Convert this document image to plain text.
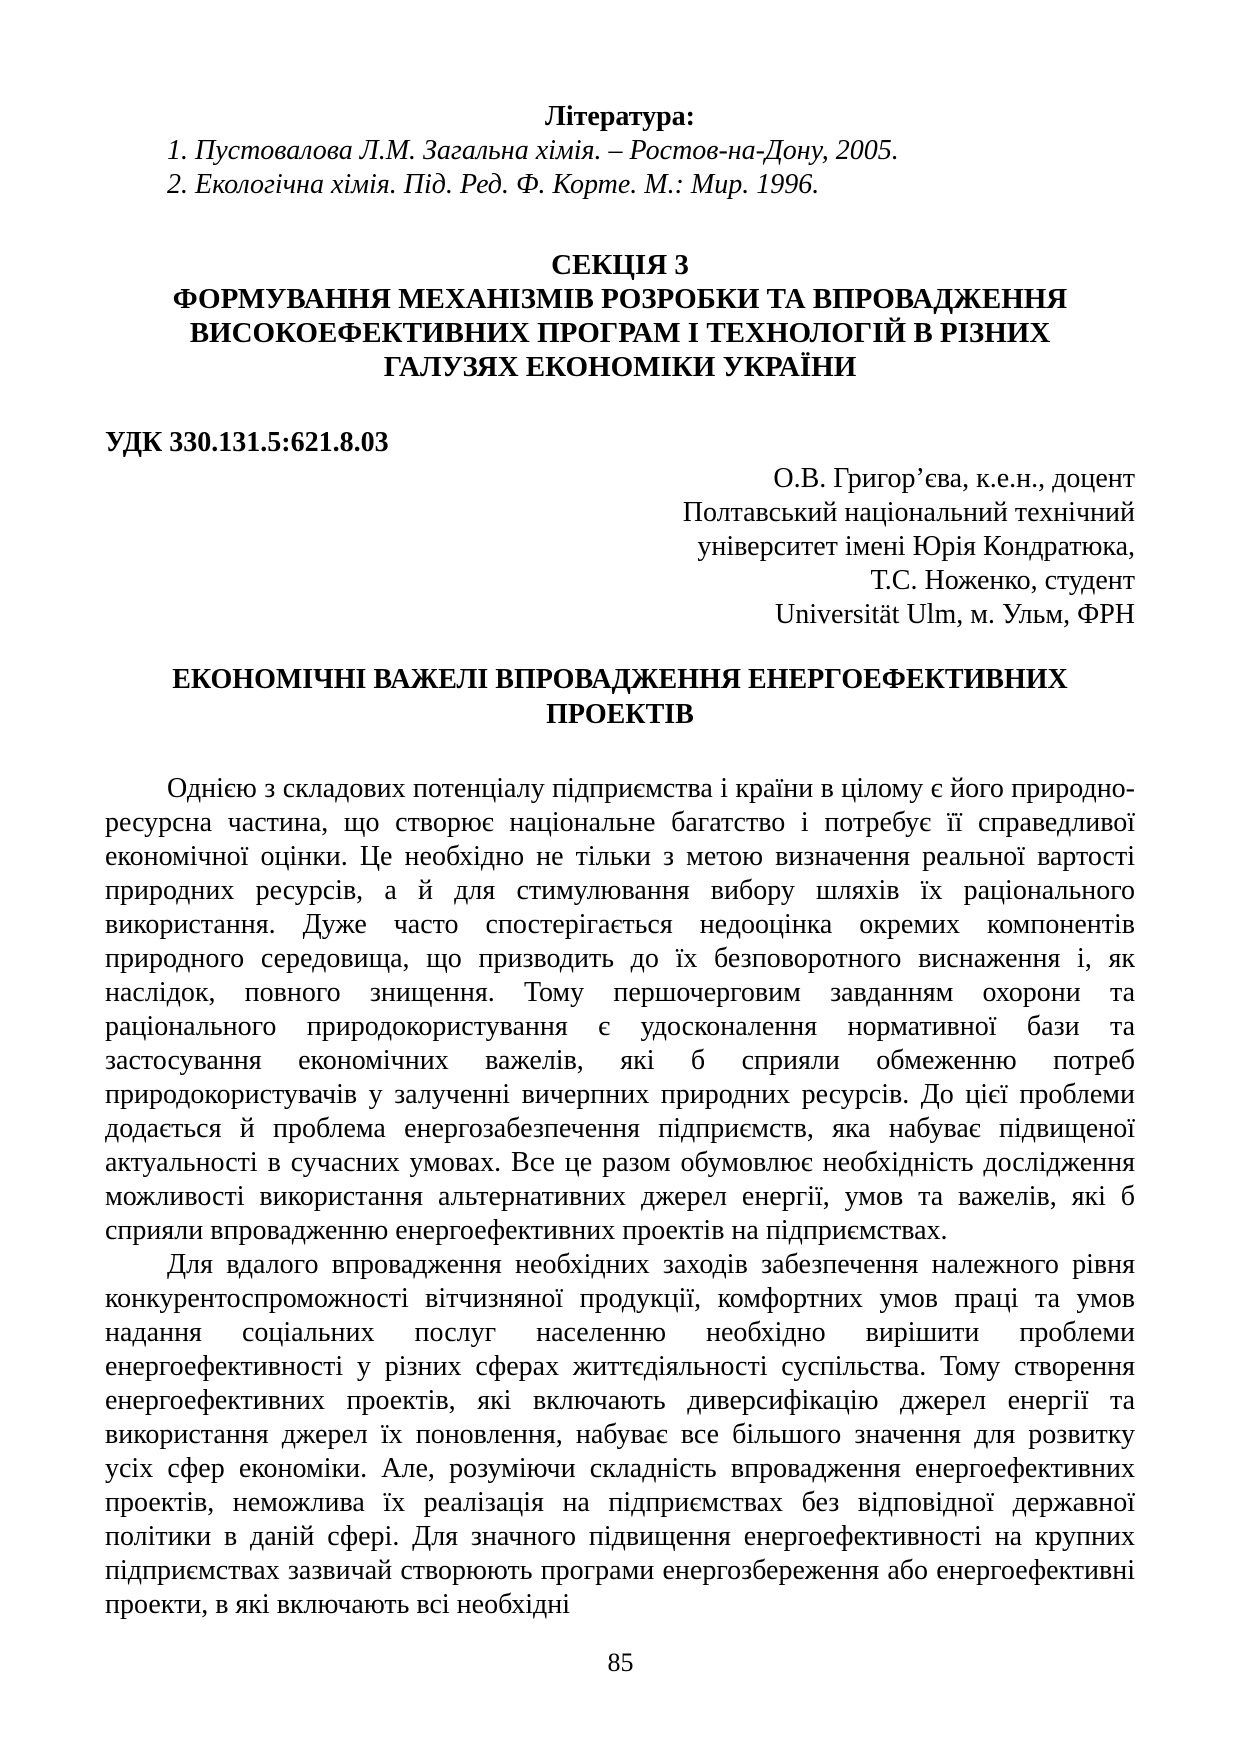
Література:

1. Пустовалова Л.М. Загальна хімія. – Ростов-на-Дону, 2005.

2. Екологічна хімія. Під. Ред. Ф. Корте. М.: Мир. 1996.

СЕКЦІЯ 3
ФОРМУВАННЯ МЕХАНІЗМІВ РОЗРОБКИ ТА ВПРОВАДЖЕННЯ
ВИСОКОЕФЕКТИВНИХ ПРОГРАМ І ТЕХНОЛОГІЙ В РІЗНИХ
ГАЛУЗЯХ ЕКОНОМІКИ УКРАЇНИ
УДК 330.131.5:621.8.03
О.В. Григор’єва, к.е.н., доцент
Полтавський національний технічний
університет імені Юрія Кондратюка,
Т.С. Ноженко, студент
Universität Ulm, м. Ульм, ФРН
ЕКОНОМІЧНІ ВАЖЕЛІ ВПРОВАДЖЕННЯ ЕНЕРГОЕФЕКТИВНИХ
ПРОЕКТІВ

Однією з складових потенціалу підприємства і країни в цілому є його природно-ресурсна частина, що створює національне багатство і потребує її справедливої економічної оцінки. Це необхідно не тільки з метою визначення реальної вартості природних ресурсів, а й для стимулювання вибору шляхів їх раціонального використання. Дуже часто спостерігається недооцінка окремих компонентів природного середовища, що призводить до їх безповоротного виснаження і, як наслідок, повного знищення. Тому першочерговим завданням охорони та раціонального природокористування є удосконалення нормативної бази та застосування економічних важелів, які б сприяли обмеженню потреб природокористувачів у залученні вичерпних природних ресурсів. До цієї проблеми додається й проблема енергозабезпечення підприємств, яка набуває підвищеної актуальності в сучасних умовах. Все це разом обумовлює необхідність дослідження можливості використання альтернативних джерел енергії, умов та важелів, які б сприяли впровадженню енергоефективних проектів на підприємствах.

Для вдалого впровадження необхідних заходів забезпечення належного рівня конкурентоспроможності вітчизняної продукції, комфортних умов праці та умов надання соціальних послуг населенню необхідно вирішити проблеми енергоефективності у різних сферах життєдіяльності суспільства. Тому створення енергоефективних проектів, які включають диверсифікацію джерел енергії та використання джерел їх поновлення, набуває все більшого значення для розвитку усіх сфер економіки. Але, розуміючи складність впровадження енергоефективних проектів, неможлива їх реалізація на підприємствах без відповідної державної політики в даній сфері. Для значного підвищення енергоефективності на крупних підприємствах зазвичай створюють програми енергозбереження або енергоефективні проекти, в які включають всі необхідні

85
